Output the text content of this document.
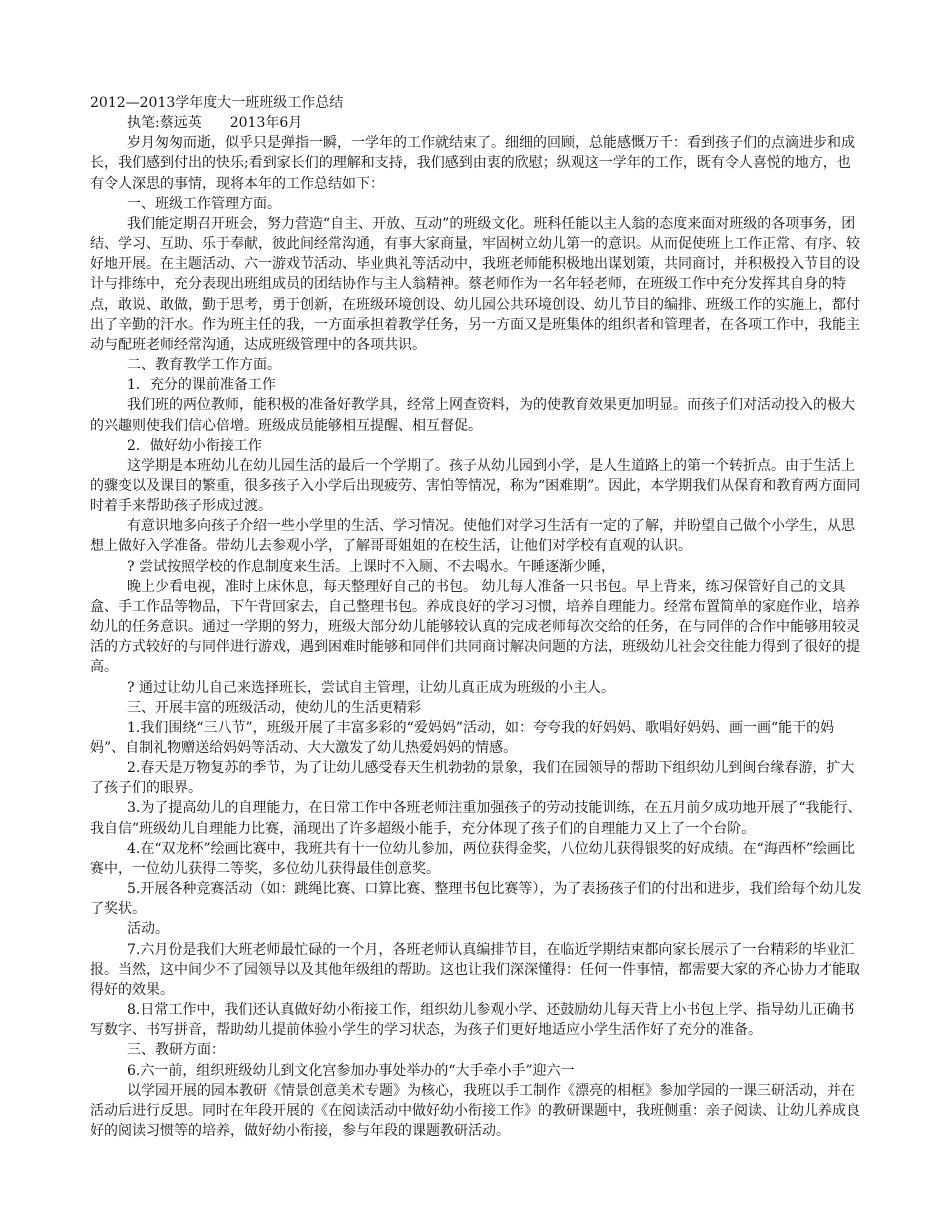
2012—2013学年度大一班班级工作总结

执笔:蔡远英　　2013年6月

岁月匆匆而逝，似乎只是弹指一瞬，一学年的工作就结束了。细细的回顾，总能感慨万千：看到孩子们的点滴进步和成长，我们感到付出的快乐;看到家长们的理解和支持，我们感到由衷的欣慰；纵观这一学年的工作，既有令人喜悦的地方，也有令人深思的事情，现将本年的工作总结如下：

一、班级工作管理方面。

我们能定期召开班会，努力营造“自主、开放、互动”的班级文化。班科任能以主人翁的态度来面对班级的各项事务，团结、学习、互助、乐于奉献，彼此间经常沟通，有事大家商量，牢固树立幼儿第一的意识。从而促使班上工作正常、有序、较好地开展。在主题活动、六一游戏节活动、毕业典礼等活动中，我班老师能积极地出谋划策，共同商讨，并积极投入节目的设计与排练中，充分表现出班组成员的团结协作与主人翁精神。蔡老师作为一名年轻老师，在班级工作中充分发挥其自身的特点，敢说、敢做，勤于思考，勇于创新，在班级环境创设、幼儿园公共环境创设、幼儿节目的编排、班级工作的实施上，都付出了辛勤的汗水。作为班主任的我，一方面承担着教学任务，另一方面又是班集体的组织者和管理者，在各项工作中，我能主动与配班老师经常沟通，达成班级管理中的各项共识。

二、教育教学工作方面。

1．充分的课前准备工作

我们班的两位教师，能积极的准备好教学具，经常上网查资料，为的使教育效果更加明显。而孩子们对活动投入的极大的兴趣则使我们信心倍增。班级成员能够相互提醒、相互督促。

2．做好幼小衔接工作

这学期是本班幼儿在幼儿园生活的最后一个学期了。孩子从幼儿园到小学，是人生道路上的第一个转折点。由于生活上的骤变以及课目的繁重，很多孩子入小学后出现疲劳、害怕等情况，称为“困难期”。因此，本学期我们从保育和教育两方面同时着手来帮助孩子形成过渡。

有意识地多向孩子介绍一些小学里的生活、学习情况。使他们对学习生活有一定的了解，并盼望自己做个小学生，从思想上做好入学准备。带幼儿去参观小学，了解哥哥姐姐的在校生活，让他们对学校有直观的认识。

? 尝试按照学校的作息制度来生活。上课时不入厕、不去喝水。午睡逐渐少睡，

晚上少看电视，准时上床休息，每天整理好自己的书包。 幼儿每人准备一只书包。早上背来，练习保管好自己的文具盒、手工作品等物品，下午背回家去，自己整理书包。养成良好的学习习惯，培养自理能力。经常布置简单的家庭作业，培养幼儿的任务意识。通过一学期的努力，班级大部分幼儿能够较认真的完成老师每次交给的任务，在与同伴的合作中能够用较灵活的方式较好的与同伴进行游戏，遇到困难时能够和同伴们共同商讨解决问题的方法，班级幼儿社会交往能力得到了很好的提高。

? 通过让幼儿自己来选择班长，尝试自主管理，让幼儿真正成为班级的小主人。

三、开展丰富的班级活动，使幼儿的生活更精彩

1.我们围绕“三八节”，班级开展了丰富多彩的“爱妈妈”活动，如：夸夸我的好妈妈、歌唱好妈妈、画一画“能干的妈妈”、自制礼物赠送给妈妈等活动、大大激发了幼儿热爱妈妈的情感。

2.春天是万物复苏的季节，为了让幼儿感受春天生机勃勃的景象，我们在园领导的帮助下组织幼儿到闽台缘春游，扩大了孩子们的眼界。

3.为了提高幼儿的自理能力，在日常工作中各班老师注重加强孩子的劳动技能训练，在五月前夕成功地开展了“我能行、我自信”班级幼儿自理能力比赛，涌现出了许多超级小能手，充分体现了孩子们的自理能力又上了一个台阶。

4.在“双龙杯”绘画比赛中，我班共有十一位幼儿参加，两位获得金奖，八位幼儿获得银奖的好成绩。在“海西杯”绘画比赛中，一位幼儿获得二等奖，多位幼儿获得最佳创意奖。

5.开展各种竞赛活动（如：跳绳比赛、口算比赛、整理书包比赛等），为了表扬孩子们的付出和进步，我们给每个幼儿发了奖状。

活动。

7.六月份是我们大班老师最忙碌的一个月，各班老师认真编排节目，在临近学期结束都向家长展示了一台精彩的毕业汇报。当然，这中间少不了园领导以及其他年级组的帮助。这也让我们深深懂得：任何一件事情，都需要大家的齐心协力才能取得好的效果。

8.日常工作中，我们还认真做好幼小衔接工作，组织幼儿参观小学、还鼓励幼儿每天背上小书包上学、指导幼儿正确书写数字、书写拼音，帮助幼儿提前体验小学生的学习状态，为孩子们更好地适应小学生活作好了充分的准备。

三、教研方面：

6.六一前，组织班级幼儿到文化宫参加办事处举办的“大手牵小手”迎六一

以学园开展的园本教研《情景创意美术专题》为核心，我班以手工制作《漂亮的相框》参加学园的一课三研活动，并在活动后进行反思。同时在年段开展的《在阅读活动中做好幼小衔接工作》的教研课题中，我班侧重：亲子阅读、让幼儿养成良好的阅读习惯等的培养，做好幼小衔接，参与年段的课题教研活动。
